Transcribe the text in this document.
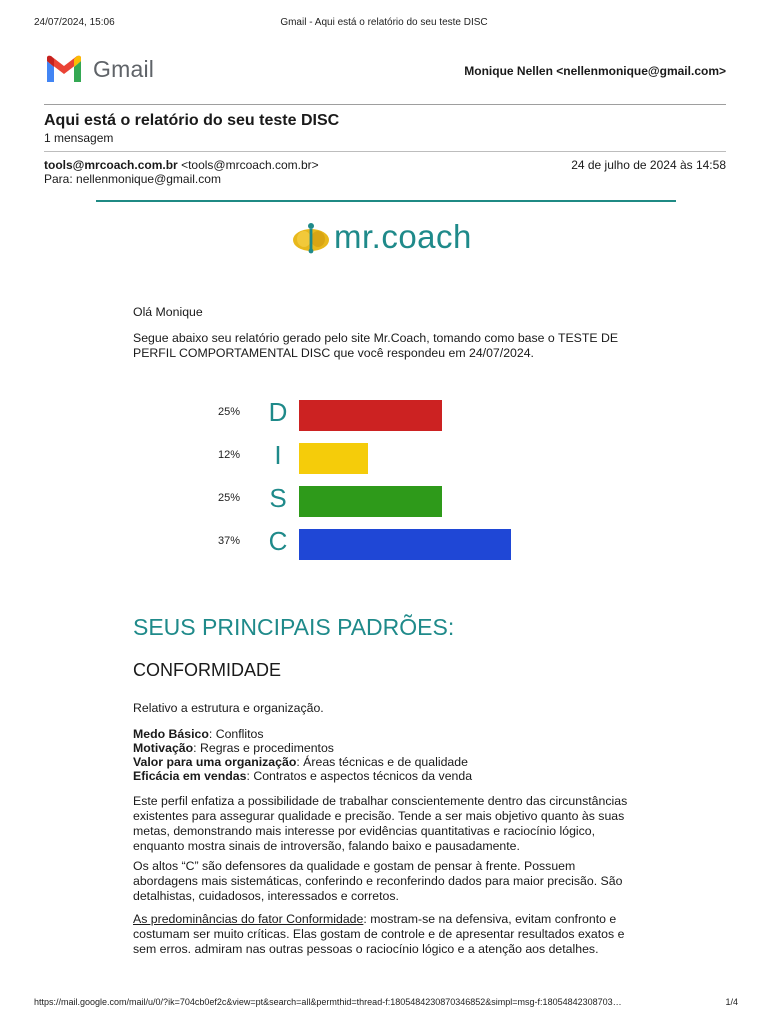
24/07/2024, 15:06	Gmail - Aqui está o relatório do seu teste DISC
Gmail	Monique Nellen <nellenmonique@gmail.com>
Aqui está o relatório do seu teste DISC
1 mensagem
tools@mrcoach.com.br <tools@mrcoach.com.br>	24 de julho de 2024 às 14:58
Para: nellenmonique@gmail.com
mr.coach
Olá Monique
Segue abaixo seu relatório gerado pelo site Mr.Coach, tomando como base o TESTE DE PERFIL COMPORTAMENTAL DISC que você respondeu em 24/07/2024.
25% D
12%	I
25% S
37% C
SEUS PRINCIPAIS PADRÕES:
CONFORMIDADE
Relativo a estrutura e organização.
Medo Básico: Conflitos
Motivação: Regras e procedimentos
Valor para uma organização: Áreas técnicas e de qualidade
Eficácia em vendas: Contratos e aspectos técnicos da venda
Este perfil enfatiza a possibilidade de trabalhar conscientemente dentro das circunstâncias existentes para assegurar qualidade e precisão. Tende a ser mais objetivo quanto às suas metas, demonstrando mais interesse por evidências quantitativas e raciocínio lógico, enquanto mostra sinais de introversão, falando baixo e pausadamente.
Os altos “C” são defensores da qualidade e gostam de pensar à frente. Possuem abordagens mais sistemáticas, conferindo e reconferindo dados para maior precisão. São detalhistas, cuidadosos, interessados e corretos.
As predominâncias do fator Conformidade: mostram-se na defensiva, evitam confronto e costumam ser muito críticas. Elas gostam de controle e de apresentar resultados exatos e sem erros. admiram nas outras pessoas o raciocínio lógico e a atenção aos detalhes.
https://mail.google.com/mail/u/0/?ik=704cb0ef2c&view=pt&search=all&permthid=thread-f:1805484230870346852&simpl=msg-f:18054842308703…	1/4
